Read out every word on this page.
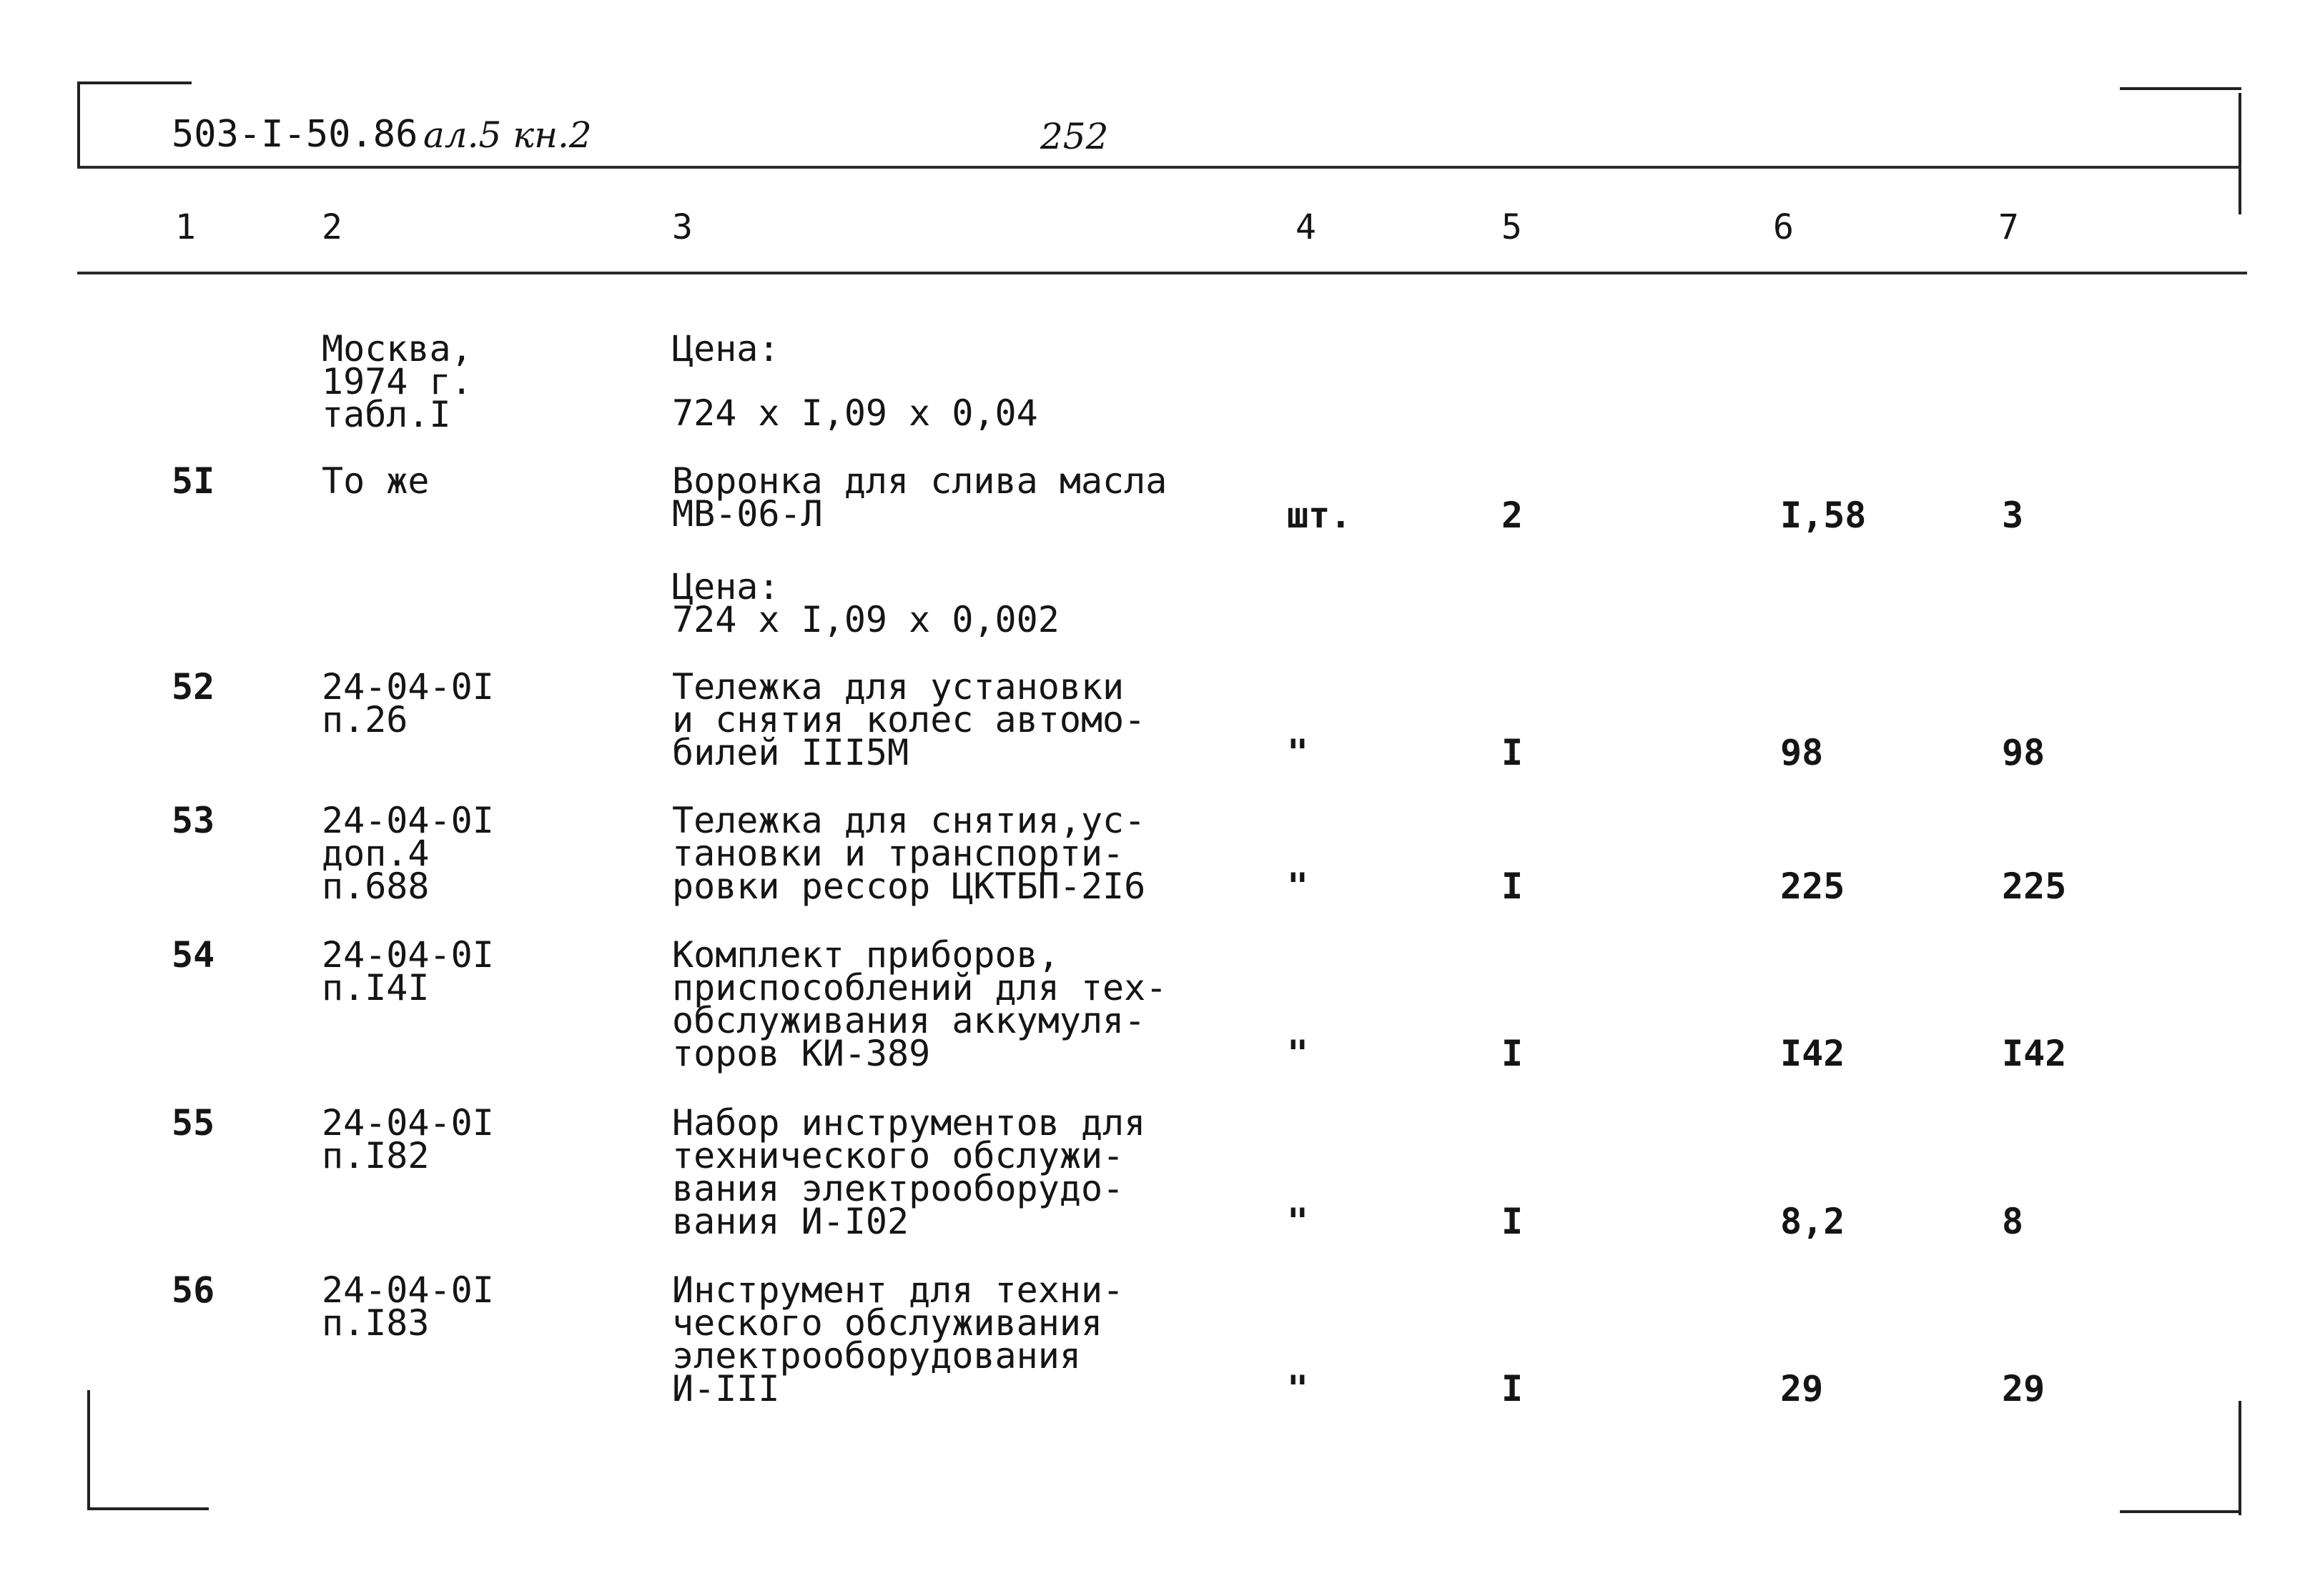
503-I-50.86 ал.5 кн.2	252
1	2	3	4	5	6	7
Москва,
1974 г.
табл.I
Цена:
724 x I,09 x 0,04
5I	То же	Воронка для слива масла
МВ-06-Л	шт.	2	I,58	3
Цена:
724 x I,09 x 0,002
52	24-04-0I
п.26
Тележка для установки
и снятия колес автомо-
билей III5M	"	I	98	98
53	24-04-0I
доп.4
п.688
Тележка для снятия,ус-
тановки и транспорти-
ровки рессор ЦКТБП-2I6	"	I	225	225
54	24-04-0I
п.I4I
Комплект приборов,
приспособлений для тех-
обслуживания аккумуля-
торов КИ-389	"	I	I42	I42
55	24-04-0I
п.I82
Набор инструментов для
технического обслужи-
вания электрооборудо-
вания И-I02	"	I	8,2	8
56	24-04-0I
п.I83
Инструмент для техни-
ческого обслуживания
электрооборудования
И-III	"	I	29	29
